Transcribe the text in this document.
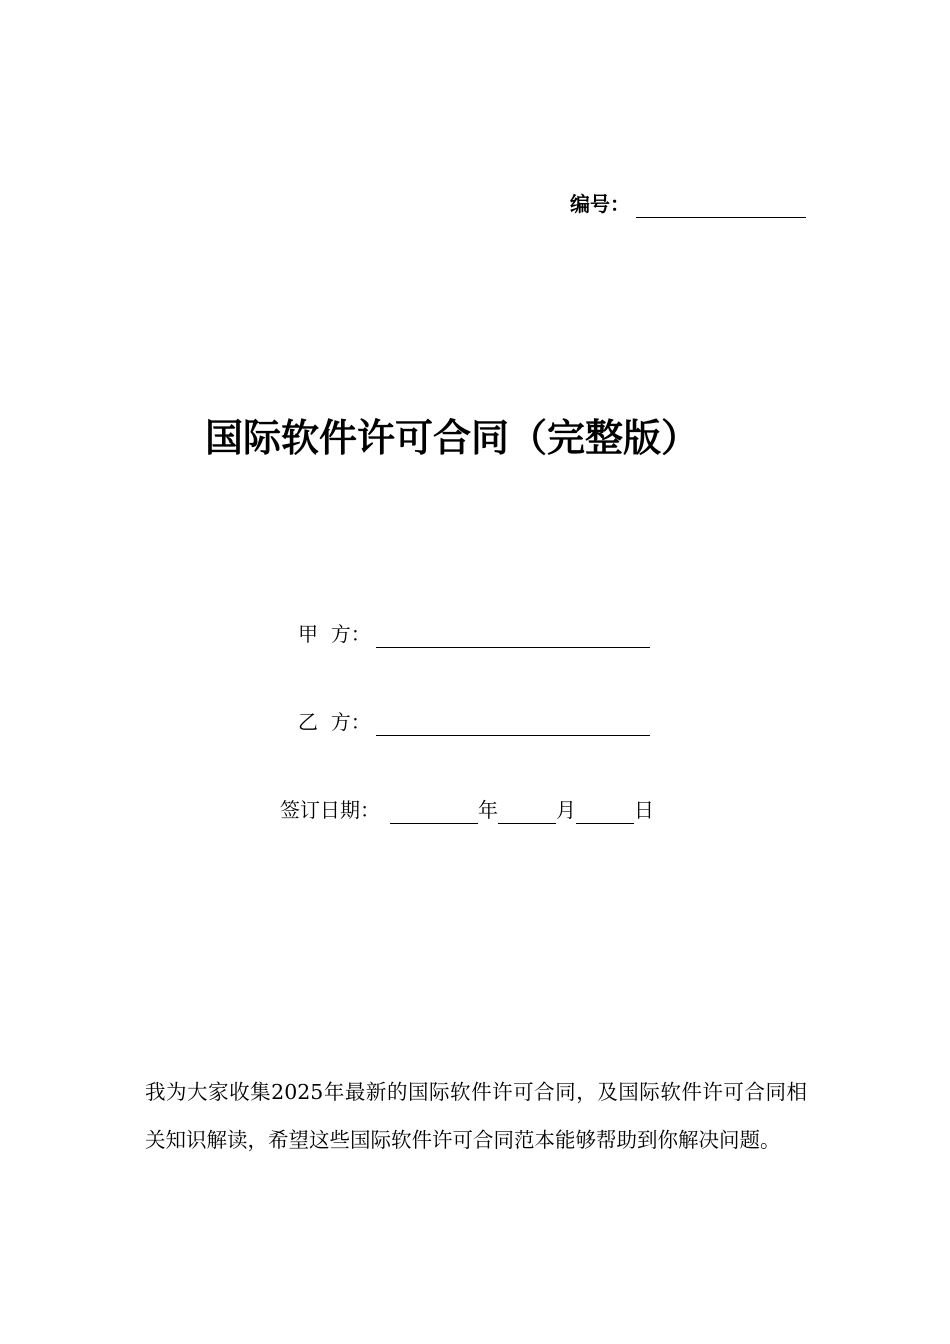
编号：
国际软件许可合同（完整版）
甲  方：
乙  方：
签订日期：	年	月	日
我为大家收集2025年最新的国际软件许可合同，及国际软件许可合同相关知识解读，希望这些国际软件许可合同范本能够帮助到你解决问题。
